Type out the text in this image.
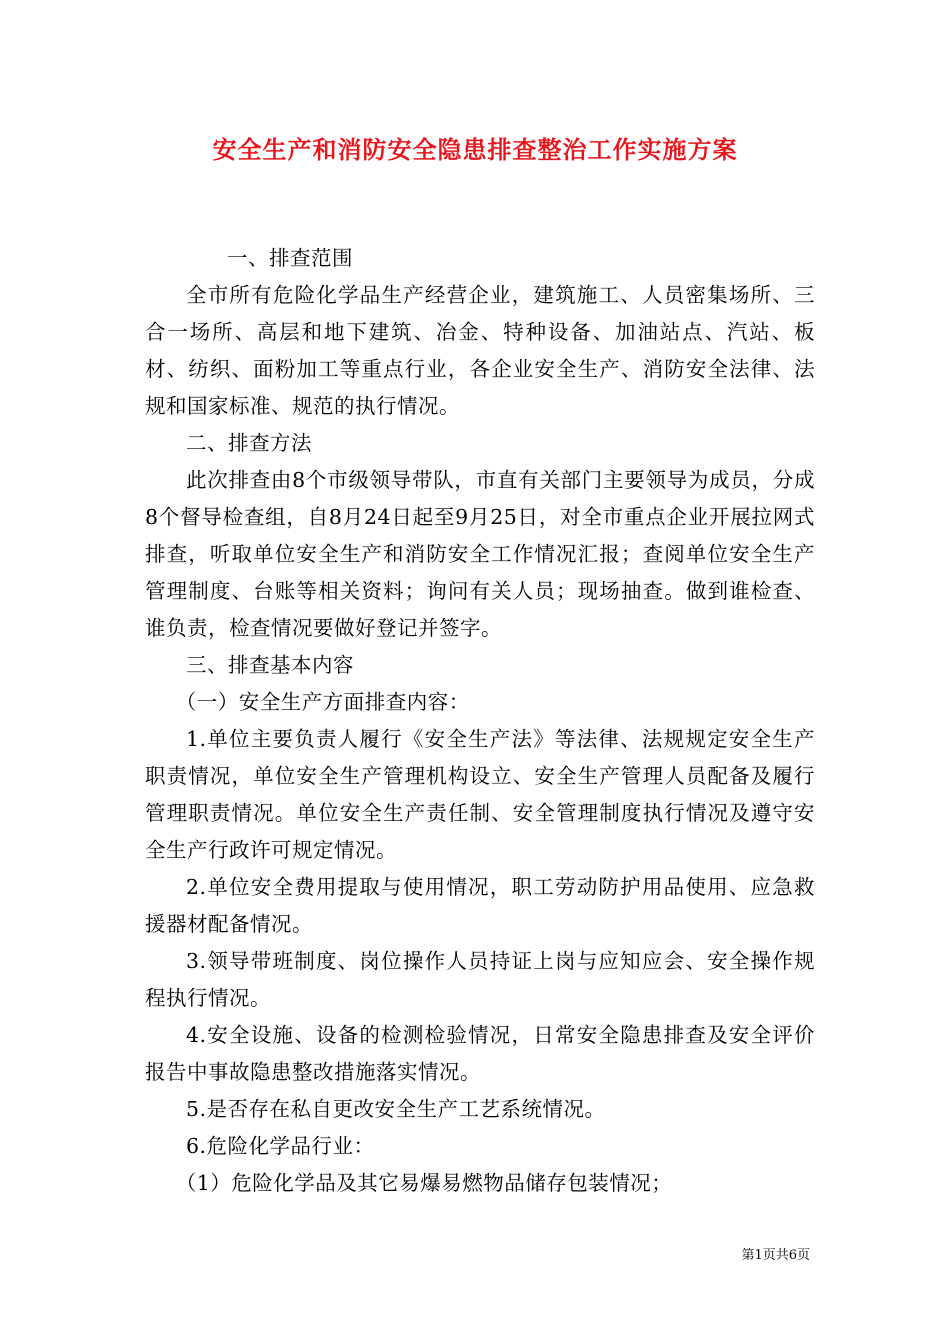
安全生产和消防安全隐患排查整治工作实施方案

一、排查范围

全市所有危险化学品生产经营企业，建筑施工、人员密集场所、三合一场所、高层和地下建筑、冶金、特种设备、加油站点、汽站、板材、纺织、面粉加工等重点行业，各企业安全生产、消防安全法律、法规和国家标准、规范的执行情况。

二、排查方法

此次排查由8个市级领导带队，市直有关部门主要领导为成员，分成8个督导检查组，自8月24日起至9月25日，对全市重点企业开展拉网式排查，听取单位安全生产和消防安全工作情况汇报；查阅单位安全生产管理制度、台账等相关资料；询问有关人员；现场抽查。做到谁检查、谁负责，检查情况要做好登记并签字。

三、排查基本内容

（一）安全生产方面排查内容：

1.单位主要负责人履行《安全生产法》等法律、法规规定安全生产职责情况，单位安全生产管理机构设立、安全生产管理人员配备及履行管理职责情况。单位安全生产责任制、安全管理制度执行情况及遵守安全生产行政许可规定情况。

2.单位安全费用提取与使用情况，职工劳动防护用品使用、应急救援器材配备情况。

3.领导带班制度、岗位操作人员持证上岗与应知应会、安全操作规程执行情况。

4.安全设施、设备的检测检验情况，日常安全隐患排查及安全评价报告中事故隐患整改措施落实情况。

5.是否存在私自更改安全生产工艺系统情况。

6.危险化学品行业：

（1）危险化学品及其它易爆易燃物品储存包装情况；

第1页共6页
